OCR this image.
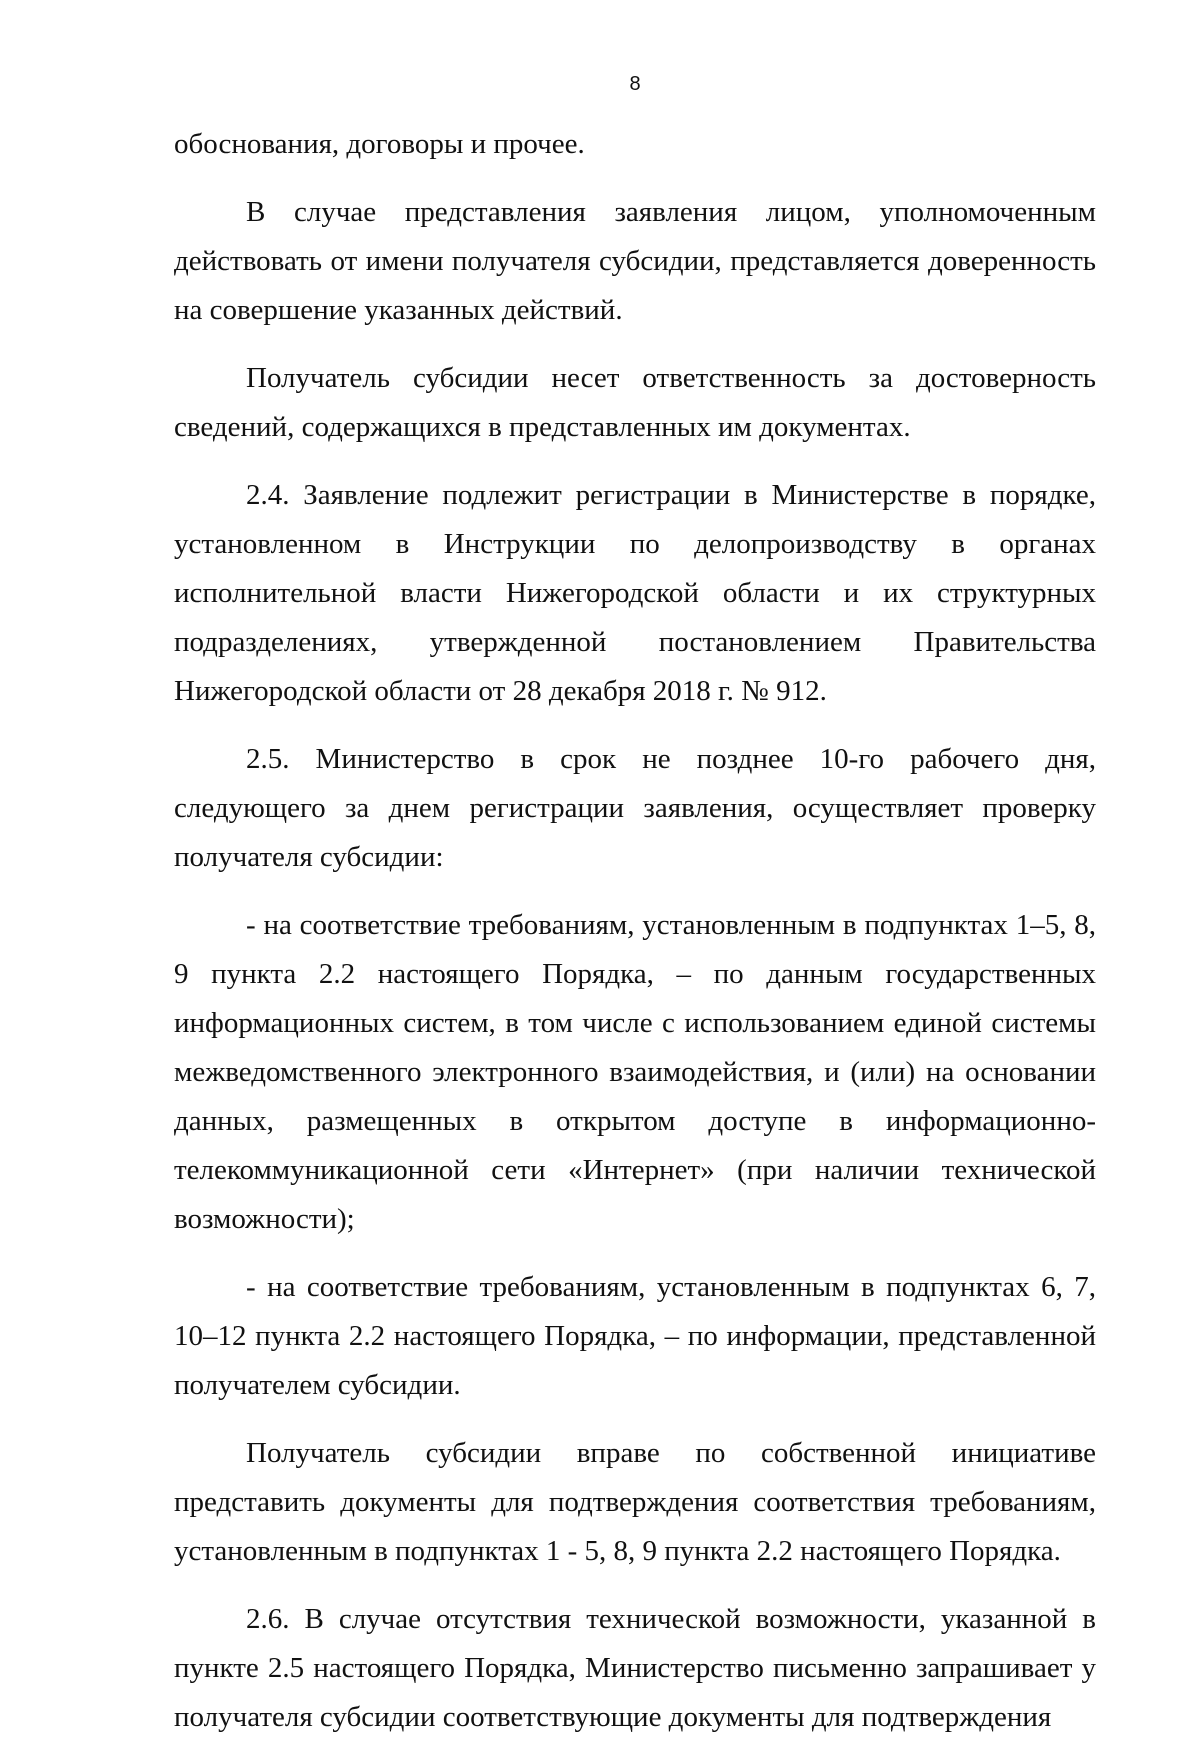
8

обоснования, договоры и прочее.

В случае представления заявления лицом, уполномоченным действовать от имени получателя субсидии, представляется доверенность на совершение указанных действий.

Получатель субсидии несет ответственность за достоверность сведений, содержащихся в представленных им документах.

2.4. Заявление подлежит регистрации в Министерстве в порядке, установленном в Инструкции по делопроизводству в органах исполнительной власти Нижегородской области и их структурных подразделениях, утвержденной постановлением Правительства Нижегородской области от 28 декабря 2018 г. № 912.

2.5. Министерство в срок не позднее 10-го рабочего дня, следующего за днем регистрации заявления, осуществляет проверку получателя субсидии:

- на соответствие требованиям, установленным в подпунктах 1–5, 8, 9 пункта 2.2 настоящего Порядка, – по данным государственных информационных систем, в том числе с использованием единой системы межведомственного электронного взаимодействия, и (или) на основании данных, размещенных в открытом доступе в информационно-телекоммуникационной сети «Интернет» (при наличии технической возможности);

- на соответствие требованиям, установленным в подпунктах 6, 7, 10–12 пункта 2.2 настоящего Порядка, – по информации, представленной получателем субсидии.

Получатель субсидии вправе по собственной инициативе представить документы для подтверждения соответствия требованиям, установленным в подпунктах 1 - 5, 8, 9 пункта 2.2 настоящего Порядка.

2.6. В случае отсутствия технической возможности, указанной в пункте 2.5 настоящего Порядка, Министерство письменно запрашивает у получателя субсидии соответствующие документы для подтверждения
